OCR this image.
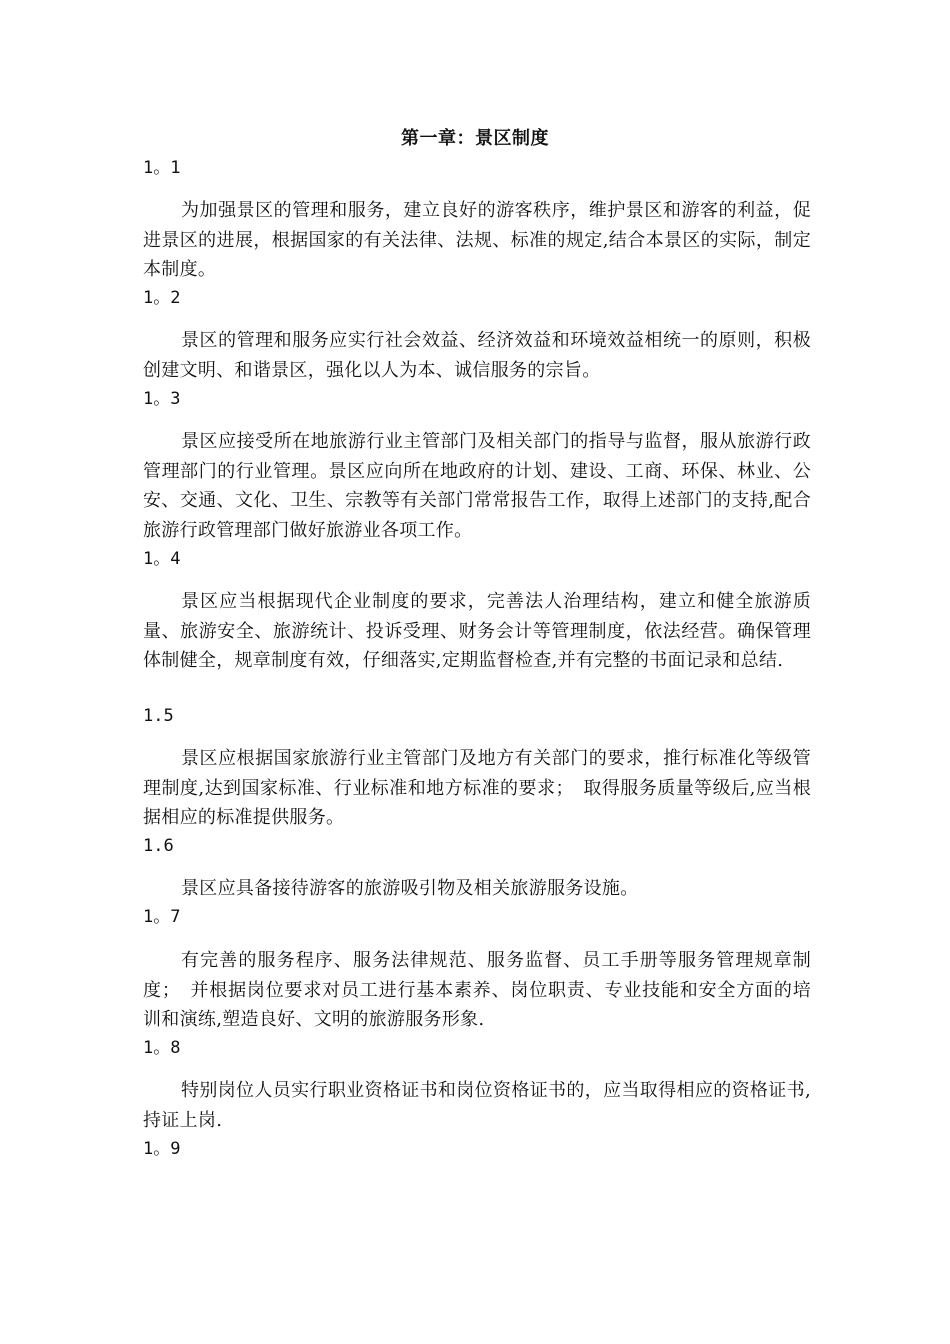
第一章：景区制度
1。1
为加强景区的管理和服务，建立良好的游客秩序，维护景区和游客的利益，促进景区的进展，根据国家的有关法律、法规、标准的规定,结合本景区的实际，制定本制度。
1。2
景区的管理和服务应实行社会效益、经济效益和环境效益相统一的原则，积极创建文明、和谐景区，强化以人为本、诚信服务的宗旨。
1。3
景区应接受所在地旅游行业主管部门及相关部门的指导与监督，服从旅游行政管理部门的行业管理。景区应向所在地政府的计划、建设、工商、环保、林业、公安、交通、文化、卫生、宗教等有关部门常常报告工作，取得上述部门的支持,配合旅游行政管理部门做好旅游业各项工作。
1。4
景区应当根据现代企业制度的要求，完善法人治理结构，建立和健全旅游质量、旅游安全、旅游统计、投诉受理、财务会计等管理制度，依法经营。确保管理体制健全，规章制度有效，仔细落实,定期监督检查,并有完整的书面记录和总结.
1.5
景区应根据国家旅游行业主管部门及地方有关部门的要求，推行标准化等级管理制度,达到国家标准、行业标准和地方标准的要求；　取得服务质量等级后,应当根据相应的标准提供服务。
1.6
景区应具备接待游客的旅游吸引物及相关旅游服务设施。
1。7
有完善的服务程序、服务法律规范、服务监督、员工手册等服务管理规章制度；　并根据岗位要求对员工进行基本素养、岗位职责、专业技能和安全方面的培训和演练,塑造良好、文明的旅游服务形象.
1。8
特别岗位人员实行职业资格证书和岗位资格证书的，应当取得相应的资格证书,持证上岗.
1。9
